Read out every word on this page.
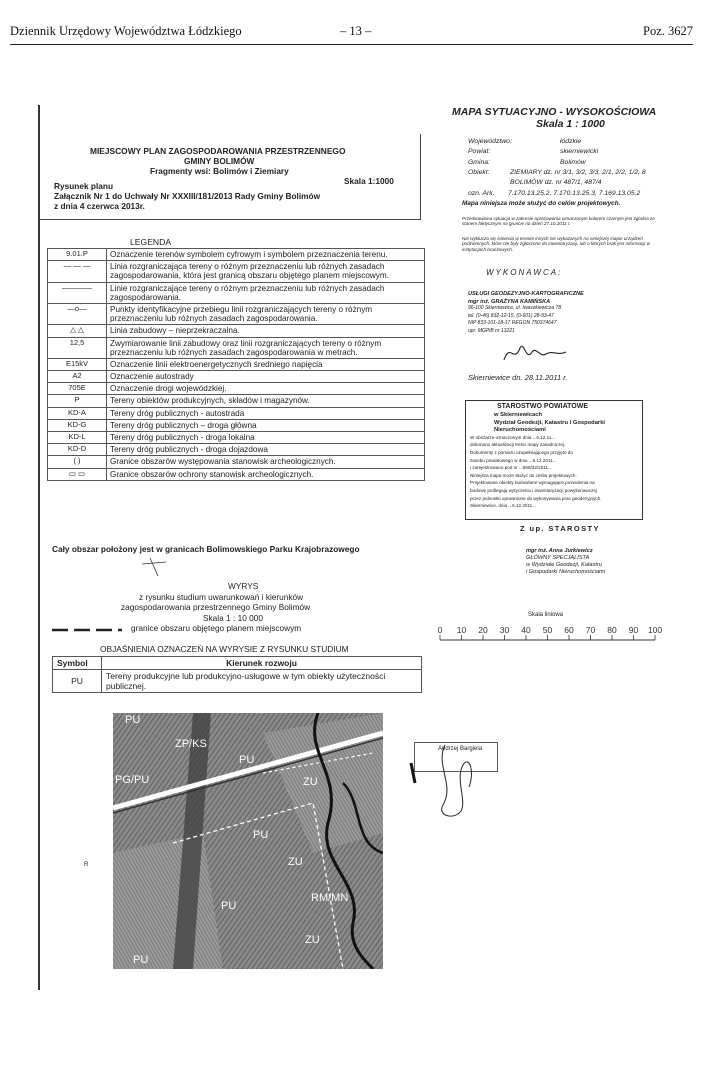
Dziennik Urzędowy Województwa Łódzkiego	– 13 –	Poz. 3627
MIEJSCOWY PLAN ZAGOSPODAROWANIA PRZESTRZENNEGO
GMINY BOLIMÓW
Fragmenty wsi: Bolimów i Ziemiary
Rysunek planu	Skala 1:1000
Załącznik Nr 1 do Uchwały Nr XXXIII/181/2013 Rady Gminy Bolimów
z dnia 4 czerwca 2013r.
LEGENDA
9.01.P	Oznaczenie terenów symbolem cyfrowym i symbolem przeznaczenia terenu.
— — —	Linia rozgraniczająca tereny o różnym przeznaczeniu lub różnych zasadach zagospodarowania, która jest granicą obszaru objętego planem miejscowym.
————	Linie rozgraniczające tereny o różnym przeznaczeniu lub różnych zasadach zagospodarowania.
—o—	Punkty identyfikacyjne przebiegu linii rozgraniczających tereny o różnym przeznaczeniu lub różnych zasadach zagospodarowania.
△ △	Linia zabudowy – nieprzekraczalna.
12,5	Zwymiarowanie linii zabudowy oraz linii rozgraniczających tereny o różnym przeznaczeniu lub różnych zasadach zagospodarowania w metrach.
E15kV	Oznaczenie linii elektroenergetycznych średniego napięcia
A2	Oznaczenie autostrady
705E	Oznaczenie drogi wojewódzkiej.
P	Tereny obiektów produkcyjnych, składów i magazynów.
KD-A	Tereny dróg publicznych - autostrada
KD-G	Tereny dróg publicznych – droga główna
KD-L	Tereny dróg publicznych - droga lokalna
KD-D	Tereny dróg publicznych - droga dojazdowa
( )	Granice obszarów występowania stanowisk archeologicznych.
▭ ▭	Granice obszarów ochrony stanowisk archeologicznych.
Cały obszar położony jest w granicach Bolimowskiego Parku Krajobrazowego
WYRYS
z rysunku studium uwarunkowań i kierunków
zagospodarowania przestrzennego Gminy Bolimów
Skala 1 : 10 000
granice obszaru objętego planem miejscowym
OBJAŚNIENIA OZNACZEŃ NA WYRYSIE Z RYSUNKU STUDIUM
Symbol	Kierunek rozwoju
PU	Tereny produkcyjne lub produkcyjno-usługowe w tym obiekty użyteczności publicznej.
PU
ZP/KS
PU
PG/PU	ZU
PU
ZU
PU
RM/MN
ZU
PU
R
MAPA SYTUACYJNO - WYSOKOŚCIOWA
Skala 1 : 1000
Województwo:	łódzkie
Powiat:	skierniewicki
Gmina:	Bolimów
Obiekt:	ZIEMIARY dz. nr 3/1, 3/2, 3/3, 2/1, 2/2, 1/2, 8
BOLIMÓW dz. nr 487/1, 487/4
ozn. Ark. 7.170.13.25.2, 7.170.13.25.3, 7.169.13.05.2
Mapa niniejsza może służyć do celów projektowych.
Przedstawiona sytuacja w zakresie opracowania oznaczonym kolorem czarnym jest zgodna ze stanem faktycznym na gruncie na dzień 27.10.2011 r.
Nie wyklucza się istnienia w terenie innych nie wykazanych na niniejszej mapie urządzeń podziemnych, które nie były zgłoszone do inwentaryzacji, lub o których brak jest informacji w instytucjach branżowych.
WYKONAWCA:
USŁUGI GEODEZYJNO-KARTOGRAFICZNE
mgr inż. GRAŻYNA KAMIŃSKA
96-100 Skierniewice, ul. Iwaszkiewicza 78
tel. (0-46) 832-12-15, (0-601) 28-93-47
NIP 833-101-18-17 REGON 750374647
upr. MGPiB nr 13221
Skierniewice dn. 28.11.2011 r.
STAROSTWO POWIATOWE
w Skierniewicach
Wydział Geodezji, Katastru i Gospodarki
Nieruchomościami
W obszarze oznaczonym dnia ...6.12.11...
dokonano aktualizacji treści mapy zasadniczej.
Dokumenty z pomiaru uzupełniającego przyjęto do
zasobu powiatowego w dniu ...6.12.2011...
i zarejestrowano pod nr ...668/32/2011...
Niniejsza mapa może służyć do celów projektowych.
Projektowane obiekty budowlane wymagające pozwolenia na
budowę podlegają wytyczeniu i inwentaryzacji powykonawczej
przez jednostki uprawnione do wykonywania prac geodezyjnych.
Skierniewice, dnia ...6.12.2011...
Z up. STAROSTY
mgr inż. Anna Jurkiewicz
GŁÓWNY SPECJALISTA
w Wydziale Geodezji, Katastru
i Gospodarki Nieruchomościami
Skala liniowa
0 10 20 30 40 50 60 70 80 90 100
Andrzej Bargiela
